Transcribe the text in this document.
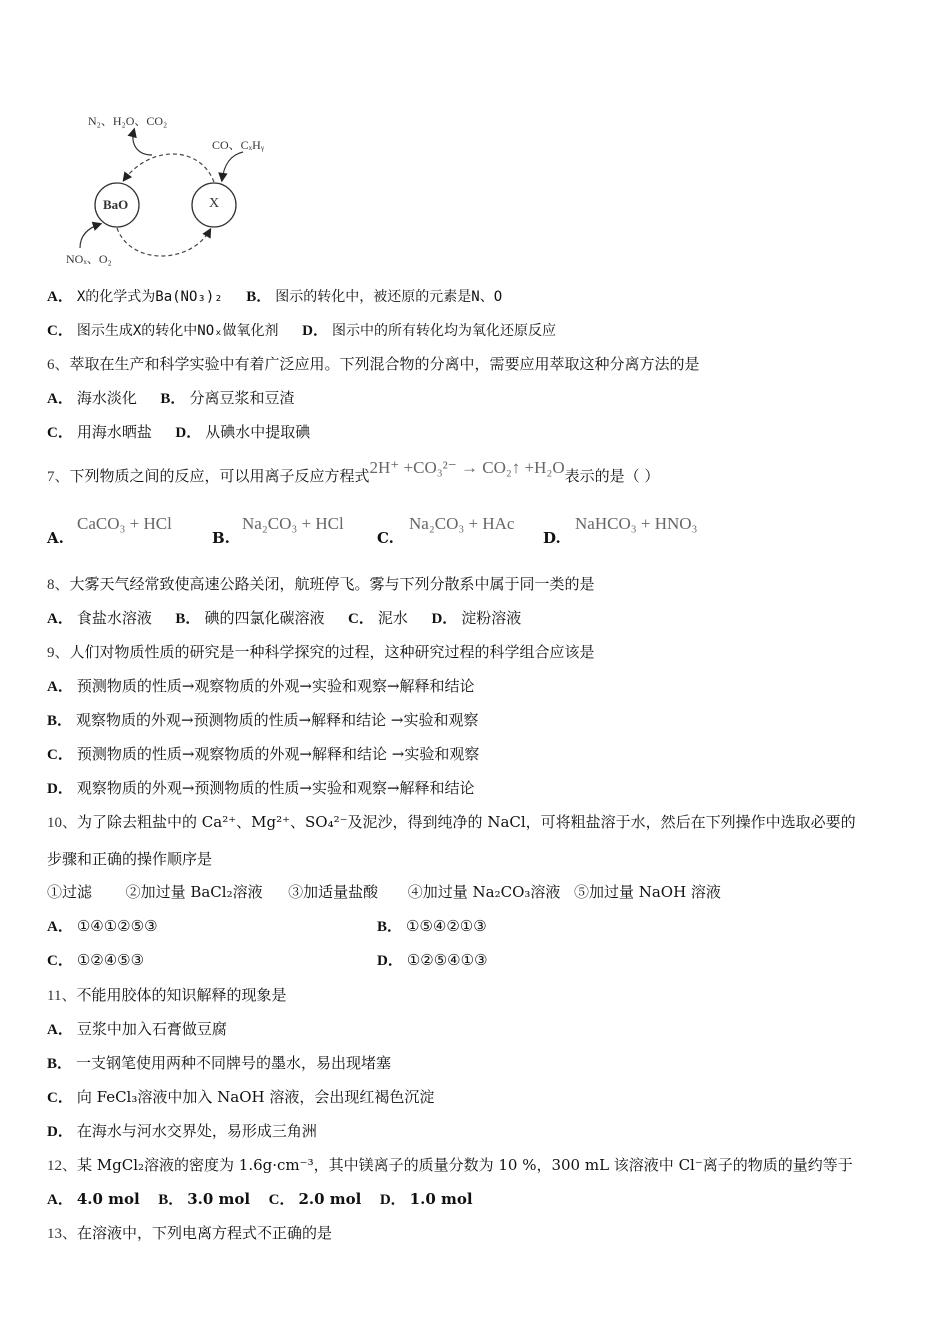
N₂、H₂O、CO₂
CO、CₓHᵧ
NOₓ、O₂
BaO	X
A． X的化学式为Ba(NO₃)₂ B． 图示的转化中，被还原的元素是N、O
C． 图示生成X的转化中NOₓ做氧化剂 D． 图示中的所有转化均为氧化还原反应
6、萃取在生产和科学实验中有着广泛应用。下列混合物的分离中，需要应用萃取这种分离方法的是
A． 海水淡化 B． 分离豆浆和豆渣
C． 用海水晒盐 D． 从碘水中提取碘
7、下列物质之间的反应，可以用离子反应方程式2H⁺ +CO₃²⁻ → CO₂↑ +H₂O表示的是（ ）
A.
CaCO₃ + HCl
B.
Na₂CO₃ + HCl
C.
Na₂CO₃ + HAc
D.
NaHCO₃ + HNO₃
8、大雾天气经常致使高速公路关闭，航班停飞。雾与下列分散系中属于同一类的是
A． 食盐水溶液 B． 碘的四氯化碳溶液 C． 泥水 D． 淀粉溶液
9、人们对物质性质的研究是一种科学探究的过程，这种研究过程的科学组合应该是
A． 预测物质的性质→观察物质的外观→实验和观察→解释和结论
B． 观察物质的外观→预测物质的性质→解释和结论 →实验和观察
C． 预测物质的性质→观察物质的外观→解释和结论 →实验和观察
D． 观察物质的外观→预测物质的性质→实验和观察→解释和结论
10、为了除去粗盐中的 Ca²⁺、Mg²⁺、SO₄²⁻及泥沙，得到纯净的 NaCl，可将粗盐溶于水，然后在下列操作中选取必要的
步骤和正确的操作顺序是
①过滤 ②加过量 BaCl₂溶液 ③加适量盐酸 ④加过量 Na₂CO₃溶液 ⑤加过量 NaOH 溶液
A． ①④①②⑤③	B． ①⑤④②①③
C． ①②④⑤③	D． ①②⑤④①③
11、不能用胶体的知识解释的现象是
A． 豆浆中加入石膏做豆腐
B． 一支钢笔使用两种不同牌号的墨水，易出现堵塞
C． 向 FeCl₃溶液中加入 NaOH 溶液，会出现红褐色沉淀
D． 在海水与河水交界处，易形成三角洲
12、某 MgCl₂溶液的密度为 1.6g·cm⁻³，其中镁离子的质量分数为 10 %，300 mL 该溶液中 Cl⁻离子的物质的量约等于
A． 4.0 mol B． 3.0 mol C． 2.0 mol D． 1.0 mol
13、在溶液中，下列电离方程式不正确的是
